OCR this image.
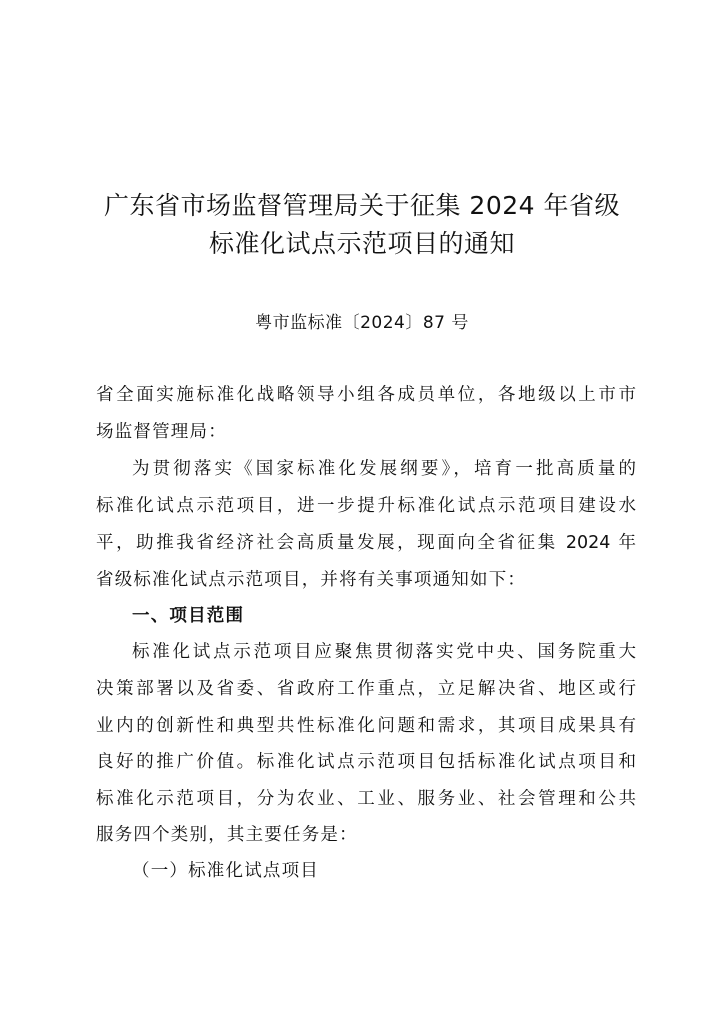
广东省市场监督管理局关于征集 2024 年省级
标准化试点示范项目的通知
粤市监标准〔2024〕87 号
省全面实施标准化战略领导小组各成员单位，各地级以上市市
场监督管理局：
为贯彻落实《国家标准化发展纲要》，培育一批高质量的
标准化试点示范项目，进一步提升标准化试点示范项目建设水
平，助推我省经济社会高质量发展，现面向全省征集 2024 年
省级标准化试点示范项目，并将有关事项通知如下：
一、项目范围
标准化试点示范项目应聚焦贯彻落实党中央、国务院重大
决策部署以及省委、省政府工作重点，立足解决省、地区或行
业内的创新性和典型共性标准化问题和需求，其项目成果具有
良好的推广价值。标准化试点示范项目包括标准化试点项目和
标准化示范项目，分为农业、工业、服务业、社会管理和公共
服务四个类别，其主要任务是：
（一）标准化试点项目
